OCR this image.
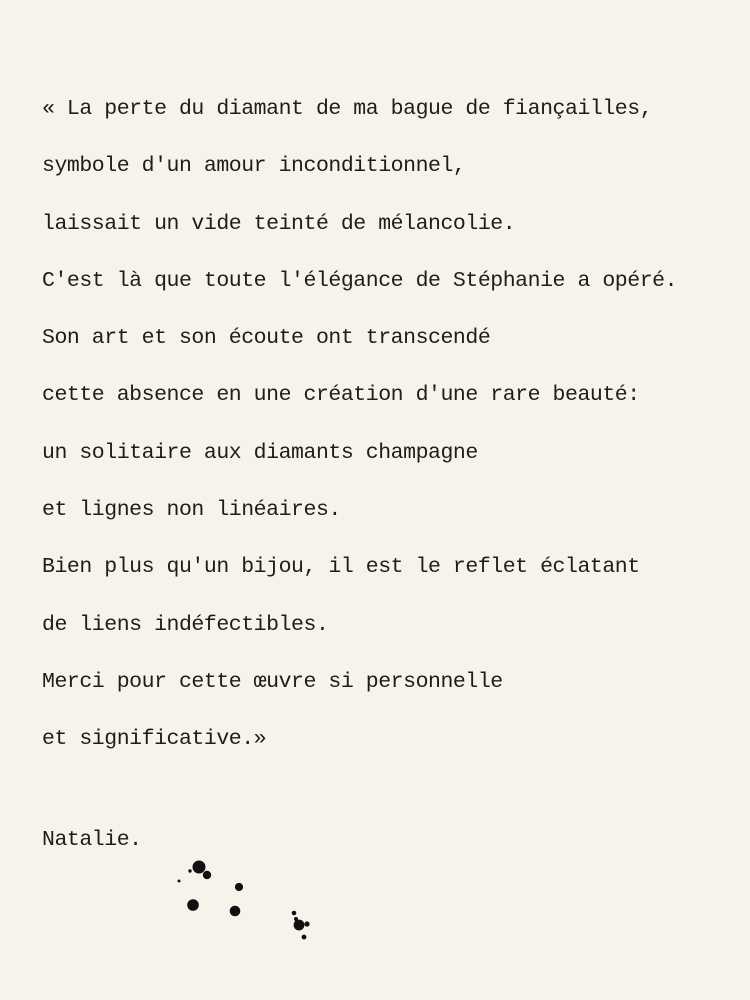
« La perte du diamant de ma bague de fiançailles,
symbole d'un amour inconditionnel,
laissait un vide teinté de mélancolie.
C'est là que toute l'élégance de Stéphanie a opéré.
Son art et son écoute ont transcendé
cette absence en une création d'une rare beauté:
un solitaire aux diamants champagne
et lignes non linéaires.
Bien plus qu'un bijou, il est le reflet éclatant
de liens indéfectibles.
Merci pour cette œuvre si personnelle
et significative.»
Natalie.
